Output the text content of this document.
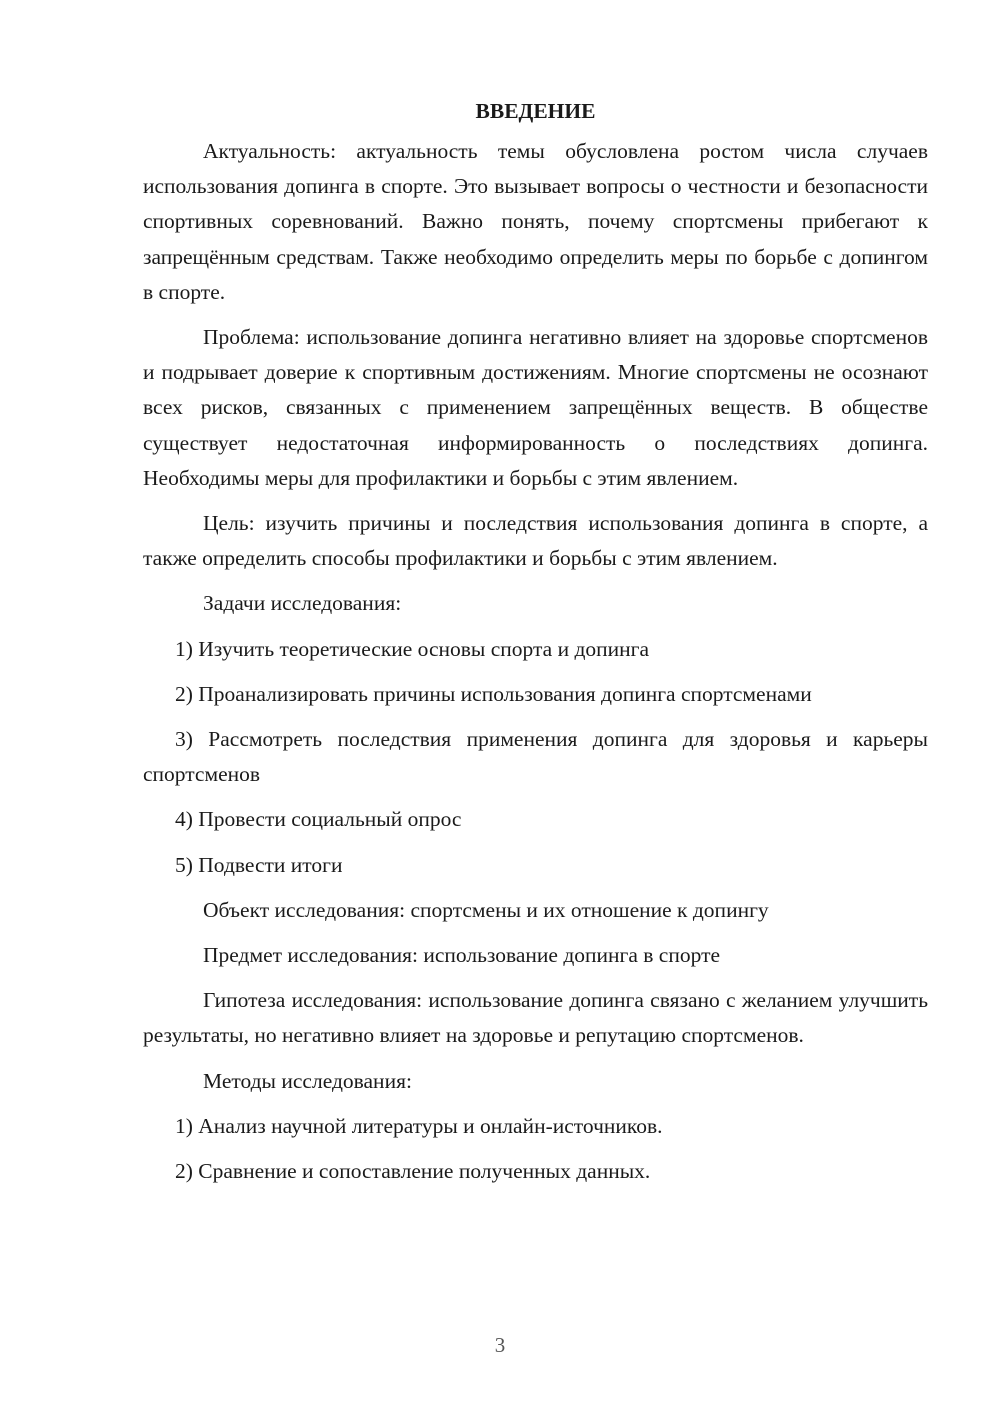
ВВЕДЕНИЕ

Актуальность: актуальность темы обусловлена ростом числа случаев использования допинга в спорте. Это вызывает вопросы о честности и безопасности спортивных соревнований. Важно понять, почему спортсмены прибегают к запрещённым средствам. Также необходимо определить меры по борьбе с допингом в спорте.

Проблема: использование допинга негативно влияет на здоровье спортсменов и подрывает доверие к спортивным достижениям. Многие спортсмены не осознают всех рисков, связанных с применением запрещённых веществ. В обществе существует недостаточная информированность о последствиях допинга. Необходимы меры для профилактики и борьбы с этим явлением.

Цель: изучить причины и последствия использования допинга в спорте, а также определить способы профилактики и борьбы с этим явлением.

Задачи исследования:

1) Изучить теоретические основы спорта и допинга

2) Проанализировать причины использования допинга спортсменами

3) Рассмотреть последствия применения допинга для здоровья и карьеры спортсменов

4) Провести социальный опрос

5) Подвести итоги

Объект исследования: спортсмены и их отношение к допингу

Предмет исследования: использование допинга в спорте

Гипотеза исследования: использование допинга связано с желанием улучшить результаты, но негативно влияет на здоровье и репутацию спортсменов.

Методы исследования:

1) Анализ научной литературы и онлайн-источников.

2) Сравнение и сопоставление полученных данных.

3
